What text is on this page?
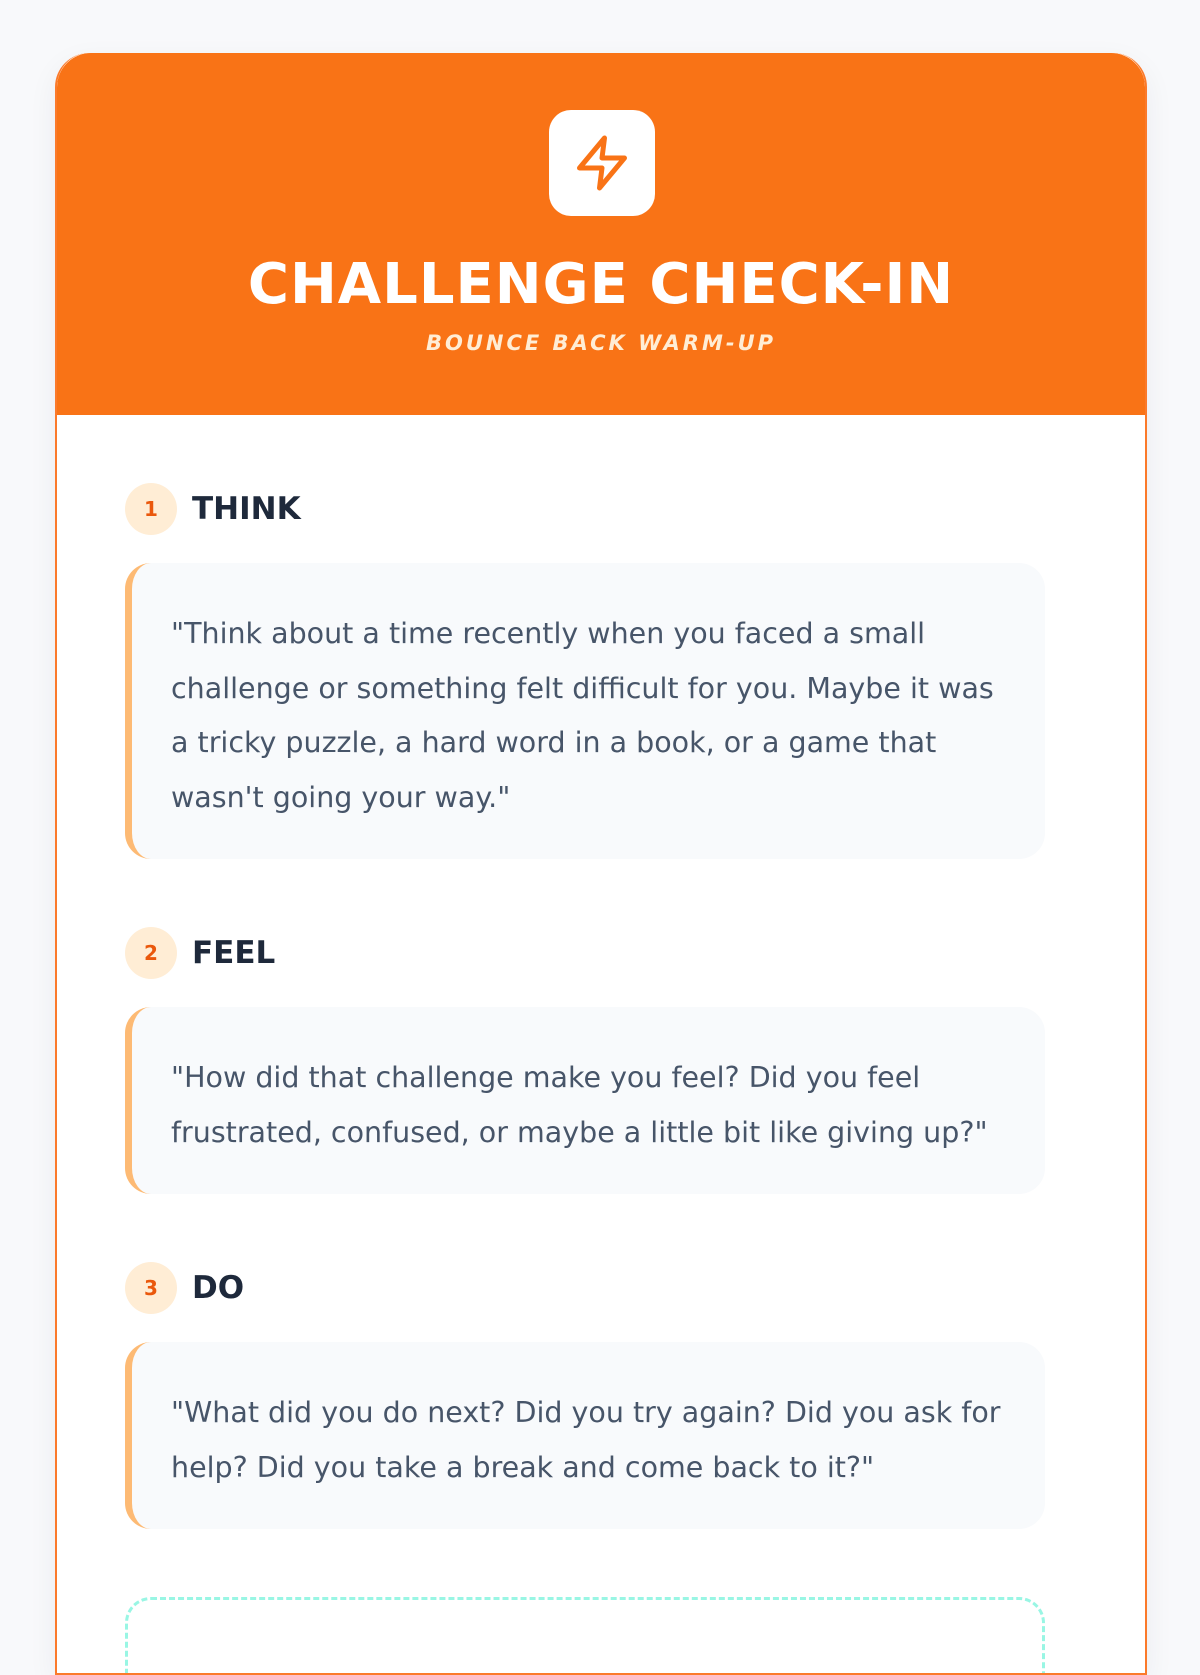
CHALLENGE CHECK-IN
BOUNCE BACK WARM-UP
1	THINK
"Think about a time recently when you faced a small challenge or something felt difficult for you. Maybe it was a tricky puzzle, a hard word in a book, or a game that wasn't going your way."
2	FEEL
"How did that challenge make you feel? Did you feel frustrated, confused, or maybe a little bit like giving up?"
3	DO
"What did you do next? Did you try again? Did you ask for help? Did you take a break and come back to it?"
